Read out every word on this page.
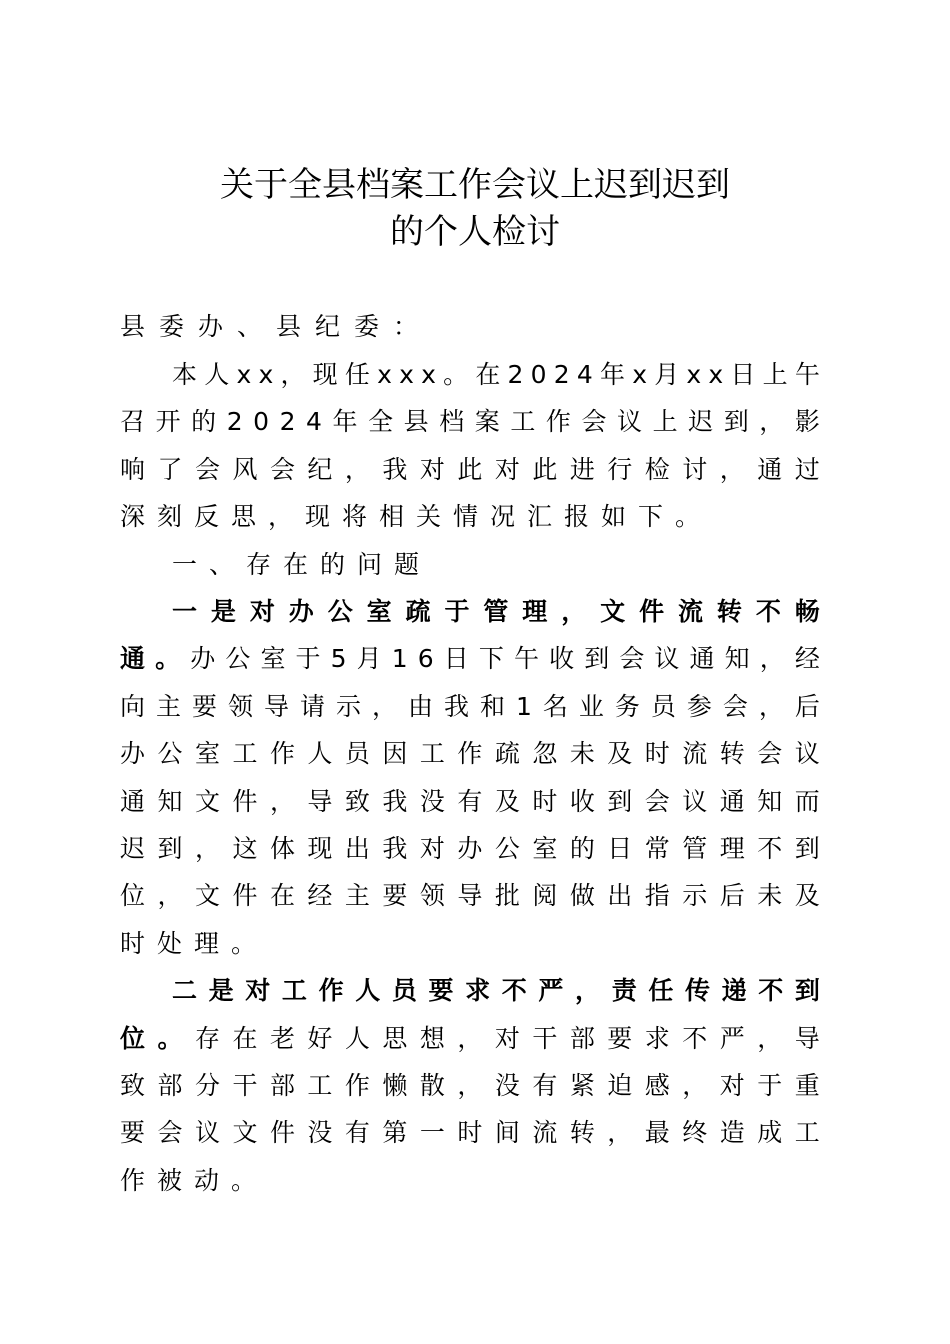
关于全县档案工作会议上迟到迟到
的个人检讨
县委办、县纪委：
本 人 x x ， 现 任 x x x 。 在 2 0 2 4 年 x 月 x x 日 上 午
召 开 的 2 0 2 4 年 全 县 档 案 工 作 会 议 上 迟 到 ， 影
响 了 会 风 会 纪 ， 我 对 此 对 此 进 行 检 讨 ， 通 过
深刻反思，现将相关情况汇报如下。
一、存在的问题
一 是 对 办 公 室 疏 于 管 理 ， 文 件 流 转 不 畅
通 。 办 公 室 于 5 月 1 6 日 下 午 收 到 会 议 通 知 ， 经
向 主 要 领 导 请 示 ， 由 我 和 1 名 业 务 员 参 会 ， 后
办 公 室 工 作 人 员 因 工 作 疏 忽 未 及 时 流 转 会 议
通 知 文 件 ， 导 致 我 没 有 及 时 收 到 会 议 通 知 而
迟 到 ， 这 体 现 出 我 对 办 公 室 的 日 常 管 理 不 到
位 ， 文 件 在 经 主 要 领 导 批 阅 做 出 指 示 后 未 及
时处理。
二 是 对 工 作 人 员 要 求 不 严 ， 责 任 传 递 不 到
位 。 存 在 老 好 人 思 想 ， 对 干 部 要 求 不 严 ， 导
致 部 分 干 部 工 作 懒 散 ， 没 有 紧 迫 感 ， 对 于 重
要 会 议 文 件 没 有 第 一 时 间 流 转 ， 最 终 造 成 工
作被动。
